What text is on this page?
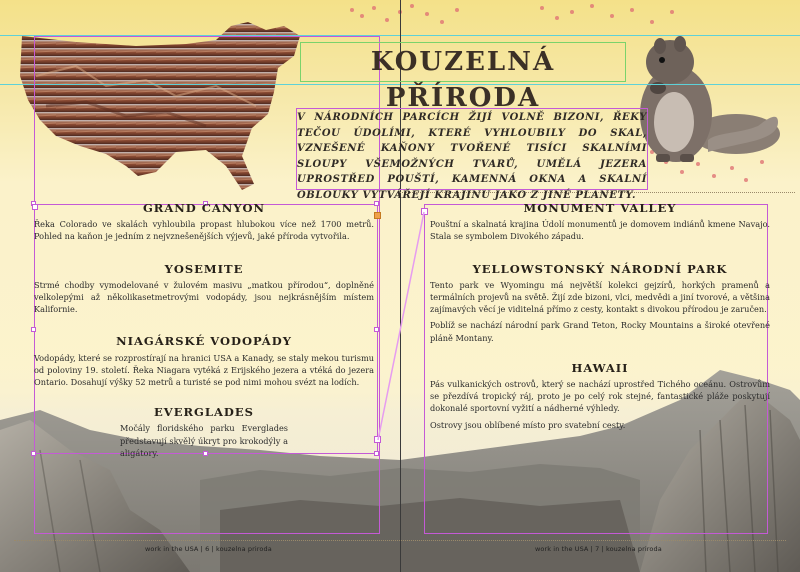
KOUZELNÁ PŘÍRODA
V NÁRODNÍCH PARCÍCH ŽIJÍ VOLNĚ BIZONI, ŘEKY TEČOU ÚDOLÍMI, KTERÉ VYHLOUBILY DO SKAL, VZNEŠENÉ KAŇONY TVOŘENÉ TISÍCI SKALNÍMI SLOUPY VŠEMOŽNÝCH TVARŮ, UMĚLÁ JEZERA UPROSTŘED POUŠTÍ, KAMENNÁ OKNA A SKALNÍ OBLOUKY VYTVÁŘEJÍ KRAJINU JAKO Z JINÉ PLANETY.
GRAND CANYON

Řeka Colorado ve skalách vyhloubila propast hlubokou více než 1700 metrů. Pohled na kaňon je jedním z nejvznešenějších výjevů, jaké příroda vytvořila.

YOSEMITE

Strmé chodby vymodelované v žulovém masivu „matkou přírodou“, doplněné velkolepými až několikasetmetrovými vodopády, jsou nejkrásnějším místem Kalifornie.

NIAGÁRSKÉ VODOPÁDY

Vodopády, které se rozprostírají na hranici USA a Kanady, se staly mekou turismu od poloviny 19. století. Řeka Niagara vytéká z Erijského jezera a vtéká do jezera Ontario. Dosahují výšky 52 metrů a turisté se pod nimi mohou svézt na lodích.

EVERGLADES

Močály floridského parku Everglades představují skvělý úkryt pro krokodýly a aligátory.

MONUMENT VALLEY

Pouštní a skalnatá krajina Údolí monumentů je domovem indiánů kmene Navajo. Stala se symbolem Divokého západu.

YELLOWSTONSKÝ NÁRODNÍ PARK

Tento park ve Wyomingu má největší kolekci gejzírů, horkých pramenů a termálních projevů na světě. Žijí zde bizoni, vlci, medvědi a jiní tvorové, a většina zajímavých věcí je viditelná přímo z cesty, kontakt s divokou přírodou je zaručen.

Poblíž se nachází národní park Grand Teton, Rocky Mountains a široké otevřené pláně Montany.

HAWAII

Pás vulkanických ostrovů, který se nachází uprostřed Tichého oceánu. Ostrovům se přezdívá tropický ráj, proto je po celý rok stejné, fantastické pláže poskytují dokonalé sportovní vyžití a nádherné výhledy.

Ostrovy jsou oblíbené místo pro svatební cesty.

work in the USA | 6 | kouzelna priroda	work in the USA | 7 | kouzelna priroda
